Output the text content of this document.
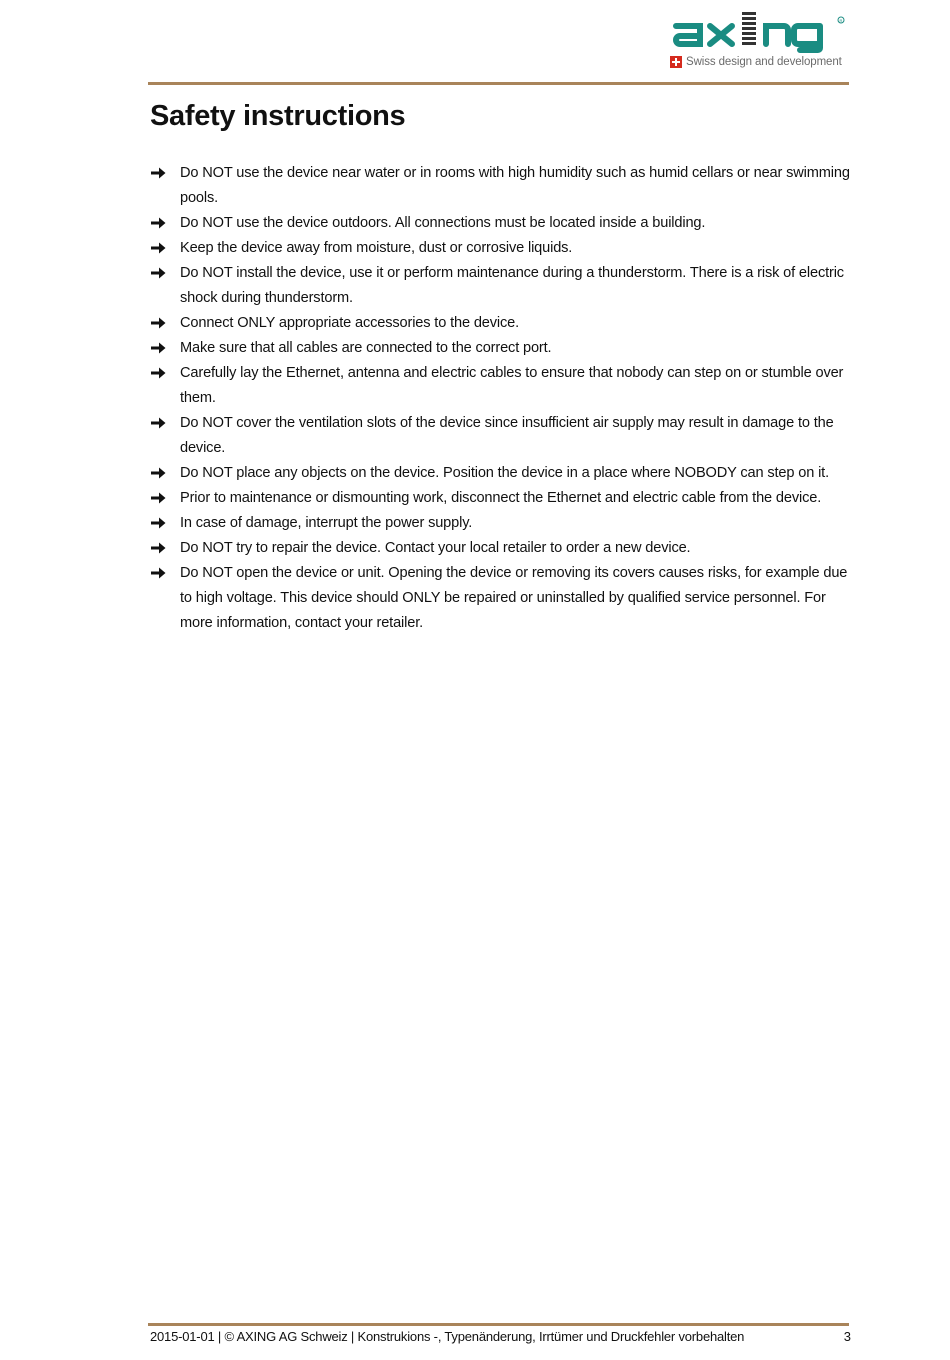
R
Swiss design and development
Safety instructions
Do NOT use the device near water or in rooms with high humidity such as humid cellars or near swimming pools.
Do NOT use the device outdoors. All connections must be located inside a building.
Keep the device away from moisture, dust or corrosive liquids.
Do NOT install the device, use it or perform maintenance during a thunderstorm. There is a risk of electric shock during thunderstorm.
Connect ONLY appropriate accessories to the device.
Make sure that all cables are connected to the correct port.
Carefully lay the Ethernet, antenna and electric cables to ensure that nobody can step on or stumble over them.
Do NOT cover the ventilation slots of the device since insufficient air supply may result in damage to the device.
Do NOT place any objects on the device. Position the device in a place where NOBODY can step on it.
Prior to maintenance or dismounting work, disconnect the Ethernet and electric cable from the device.
In case of damage, interrupt the power supply.
Do NOT try to repair the device. Contact your local retailer to order a new device.
Do NOT open the device or unit. Opening the device or removing its covers causes risks, for example due to high voltage. This device should ONLY be repaired or uninstalled by qualified service personnel. For more information, contact your retailer.
2015-01-01 | © AXING AG Schweiz | Konstrukions -, Typenänderung, Irrtümer und Druckfehler vorbehalten	3
